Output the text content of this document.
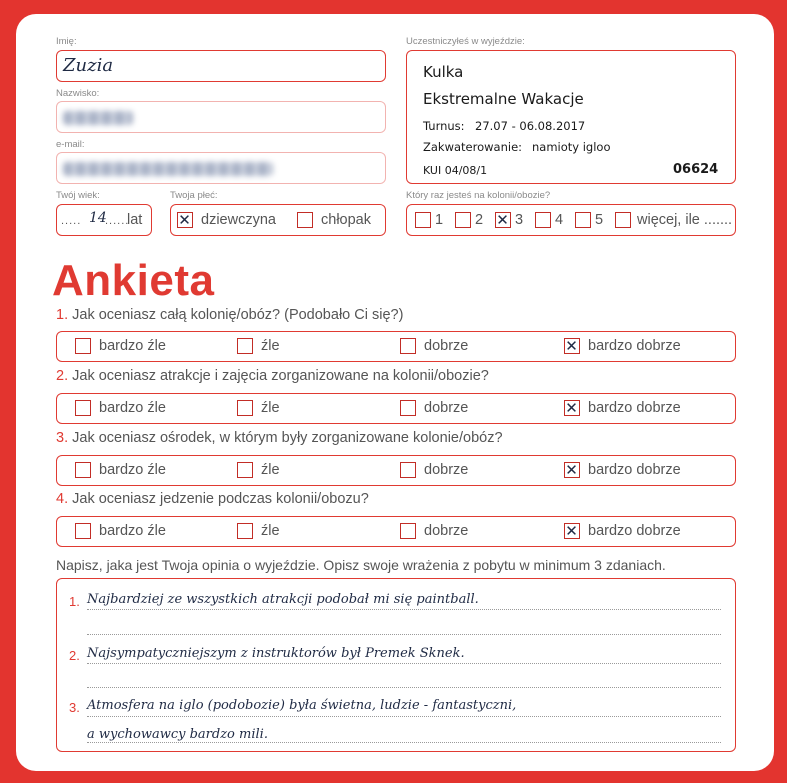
Imię:
Zuzia
Nazwisko:
e-mail:
Twój wiek:
..... 14
......
lat
Twoja płeć:
✕
dziewczyna	chłopak
Uczestniczyłeś w wyjeździe:
Kulka
Ekstremalne Wakacje
Turnus: 27.07 - 06.08.2017
Zakwaterowanie: namioty igloo
KUI 04/08/1	06624
Który raz jesteś na kolonii/obozie?
1 2 ✕ 3 4 5 więcej, ile .......
Ankieta
1. Jak oceniasz całą kolonię/obóz? (Podobało Ci się?)
bardzo źle	źle	dobrze ✕	bardzo dobrze
2. Jak oceniasz atrakcje i zajęcia zorganizowane na kolonii/obozie?
bardzo źle	źle	dobrze ✕	bardzo dobrze
3. Jak oceniasz ośrodek, w którym były zorganizowane kolonie/obóz?
bardzo źle	źle	dobrze ✕	bardzo dobrze
4. Jak oceniasz jedzenie podczas kolonii/obozu?
bardzo źle	źle	dobrze ✕	bardzo dobrze
Napisz, jaka jest Twoja opinia o wyjeździe. Opisz swoje wrażenia z pobytu w minimum 3 zdaniach.
1. Najbardziej ze wszystkich atrakcji podobał mi się paintball.
2. Najsympatyczniejszym z instruktorów był Premek Sknek.
3. Atmosfera na iglo (podobozie) była świetna, ludzie - fantastyczni,
a wychowawcy bardzo mili.
